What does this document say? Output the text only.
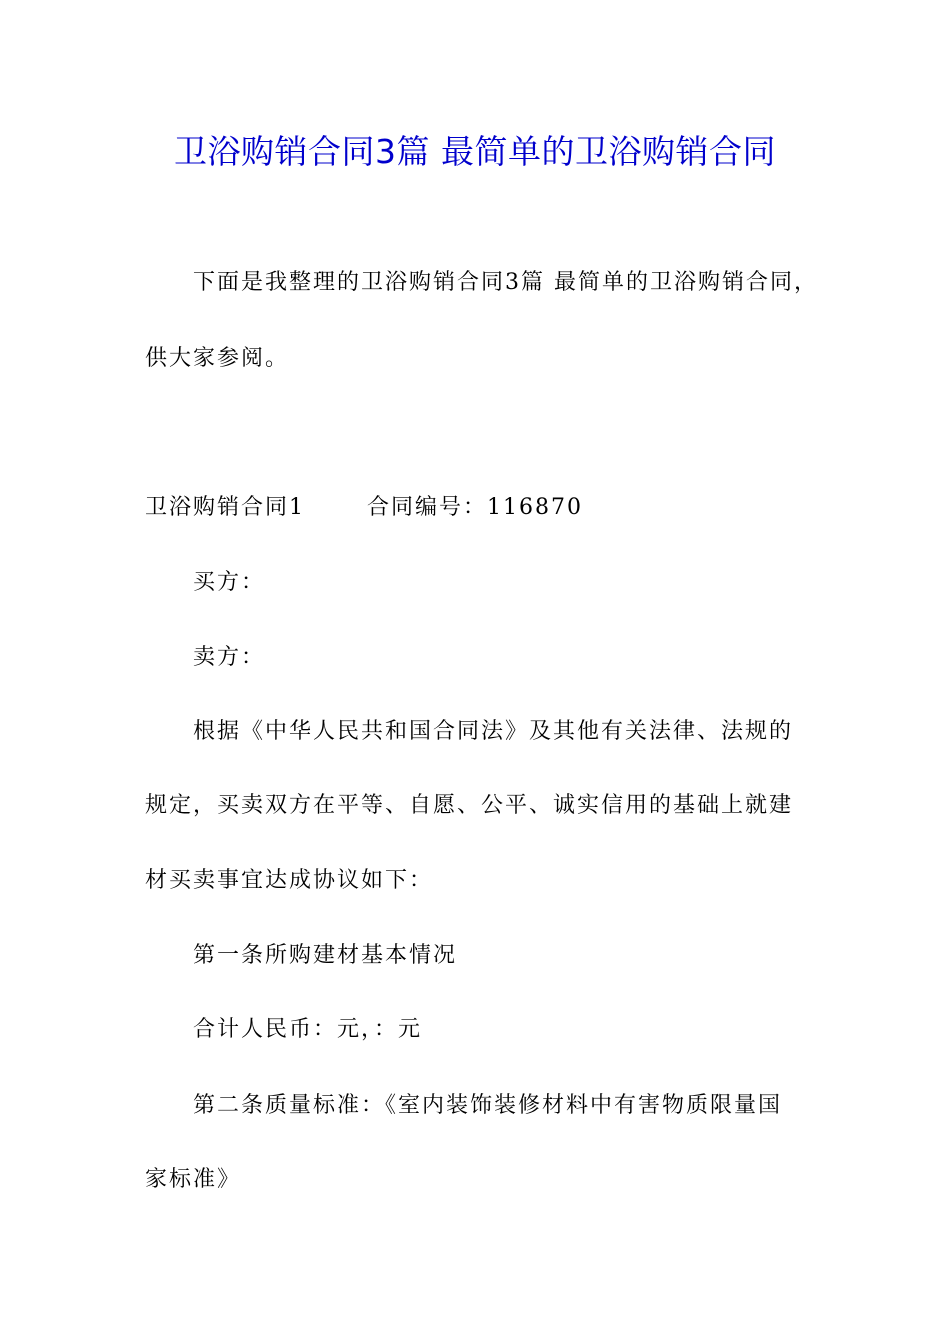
卫浴购销合同3篇 最简单的卫浴购销合同

下面是我整理的卫浴购销合同3篇 最简单的卫浴购销合同，

供大家参阅。

卫浴购销合同1	合同编号：116870

买方：

卖方：

根据《中华人民共和国合同法》及其他有关法律、法规的

规定，买卖双方在平等、自愿、公平、诚实信用的基础上就建

材买卖事宜达成协议如下：

第一条所购建材基本情况

合计人民币：元，：元

第二条质量标准：《室内装饰装修材料中有害物质限量国

家标准》
